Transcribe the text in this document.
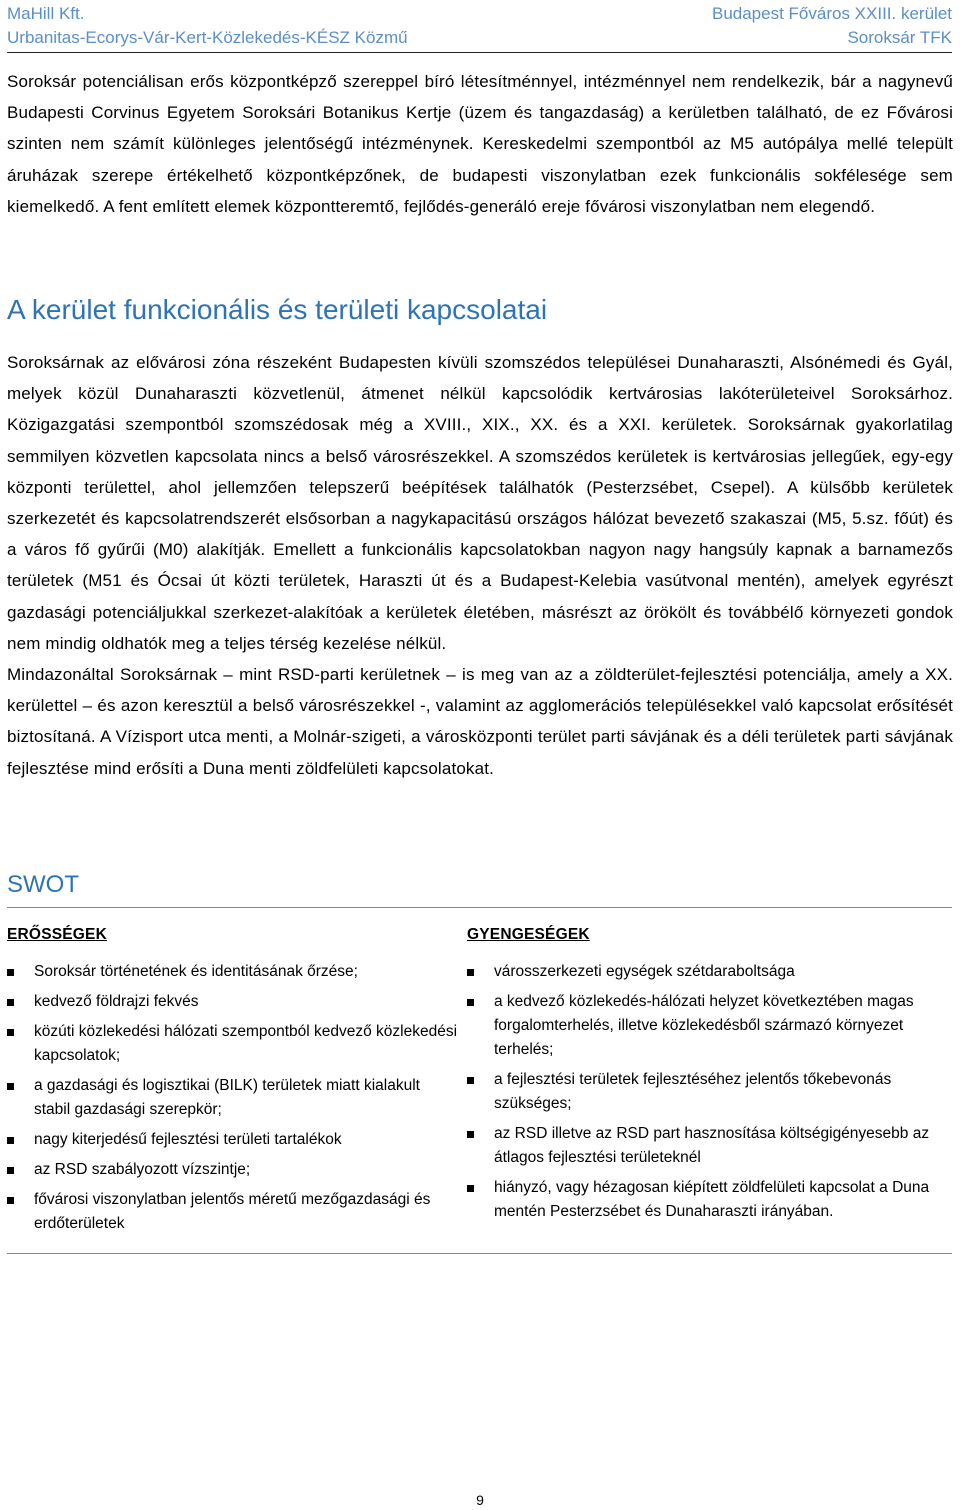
MaHill Kft.
Urbanitas-Ecorys-Vár-Kert-Közlekedés-KÉSZ Közmű
Budapest Főváros XXIII. kerület
Soroksár TFK
Soroksár potenciálisan erős központképző szereppel bíró létesítménnyel, intézménnyel nem rendelkezik, bár a nagynevű Budapesti Corvinus Egyetem Soroksári Botanikus Kertje (üzem és tangazdaság) a kerületben található, de ez Fővárosi szinten nem számít különleges jelentőségű intézménynek. Kereskedelmi szempontból az M5 autópálya mellé települt áruházak szerepe értékelhető központképzőnek, de budapesti viszonylatban ezek funkcionális sokfélesége sem kiemelkedő. A fent említett elemek központteremtő, fejlődés-generáló ereje fővárosi viszonylatban nem elegendő.
A kerület funkcionális és területi kapcsolatai
Soroksárnak az elővárosi zóna részeként Budapesten kívüli szomszédos települései Dunaharaszti, Alsónémedi és Gyál, melyek közül Dunaharaszti közvetlenül, átmenet nélkül kapcsolódik kertvárosias lakóterületeivel Soroksárhoz. Közigazgatási szempontból szomszédosak még a XVIII., XIX., XX. és a XXI. kerületek. Soroksárnak gyakorlatilag semmilyen közvetlen kapcsolata nincs a belső városrészekkel. A szomszédos kerületek is kertvárosias jellegűek, egy-egy központi területtel, ahol jellemzően telepszerű beépítések találhatók (Pesterzsébet, Csepel). A külsőbb kerületek szerkezetét és kapcsolatrendszerét elsősorban a nagykapacitású országos hálózat bevezető szakaszai (M5, 5.sz. főút) és a város fő gyűrűi (M0) alakítják. Emellett a funkcionális kapcsolatokban nagyon nagy hangsúly kapnak a barnamezős területek (M51 és Ócsai út közti területek, Haraszti út és a Budapest-Kelebia vasútvonal mentén), amelyek egyrészt gazdasági potenciáljukkal szerkezet-alakítóak a kerületek életében, másrészt az örökölt és továbbélő környezeti gondok nem mindig oldhatók meg a teljes térség kezelése nélkül.
Mindazonáltal Soroksárnak – mint RSD-parti kerületnek – is meg van az a zöldterület-fejlesztési potenciálja, amely a XX. kerülettel – és azon keresztül a belső városrészekkel -, valamint az agglomerációs településekkel való kapcsolat erősítését biztosítaná. A Vízisport utca menti, a Molnár-szigeti, a városközponti terület parti sávjának és a déli területek parti sávjának fejlesztése mind erősíti a Duna menti zöldfelületi kapcsolatokat.
SWOT
ERŐSSÉGEK
Soroksár történetének és identitásának őrzése;
kedvező földrajzi fekvés
közúti közlekedési hálózati szempontból kedvező közlekedési kapcsolatok;
a gazdasági és logisztikai (BILK) területek miatt kialakult stabil gazdasági szerepkör;
nagy kiterjedésű fejlesztési területi tartalékok
az RSD szabályozott vízszintje;
fővárosi viszonylatban jelentős méretű mezőgazdasági és erdőterületek
GYENGESÉGEK
városszerkezeti egységek szétdaraboltsága
a kedvező közlekedés-hálózati helyzet következtében magas forgalomterhelés, illetve közlekedésből származó környezet terhelés;
a fejlesztési területek fejlesztéséhez jelentős tőkebevonás szükséges;
az RSD illetve az RSD part hasznosítása költségigényesebb az átlagos fejlesztési területeknél
hiányzó, vagy hézagosan kiépített zöldfelületi kapcsolat a Duna mentén Pesterzsébet és Dunaharaszti irányában.
9
